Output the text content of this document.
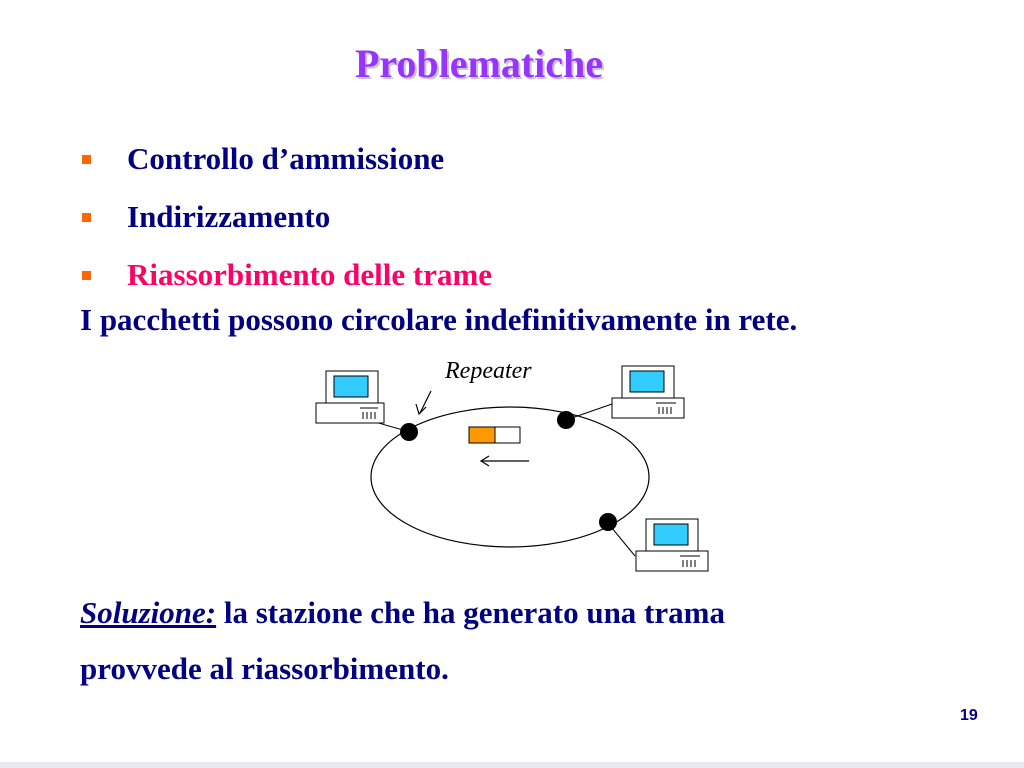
Problematiche
Controllo d’ammissione
Indirizzamento
Riassorbimento delle trame
I pacchetti possono circolare indefinitivamente in rete.
Repeater
Soluzione: la stazione che ha generato una trama
provvede al riassorbimento.
19
